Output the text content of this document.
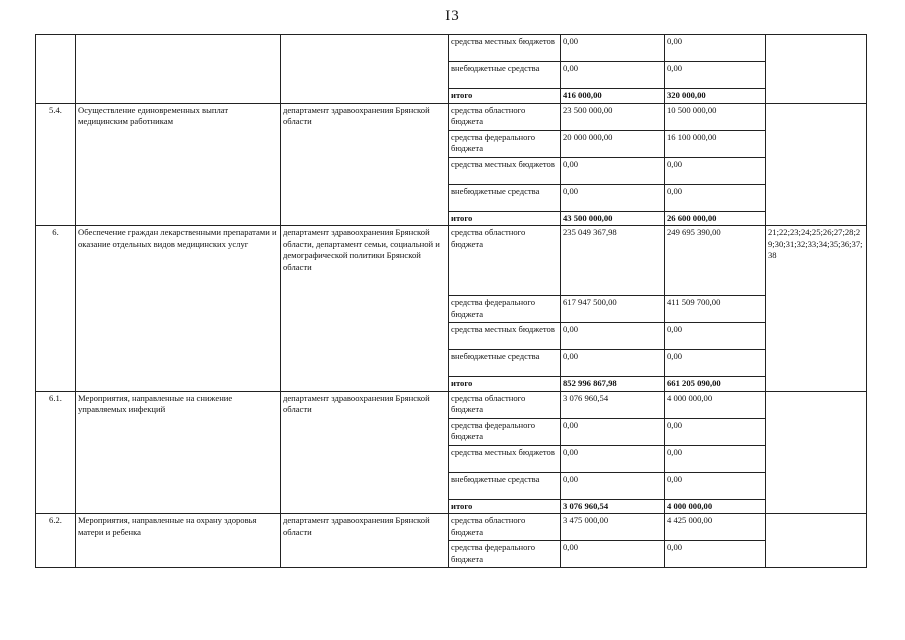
I3
			средства местных бюджетов	0,00	0,00	
			внебюджетные средства	0,00	0,00	
			итого	416 000,00	320 000,00	
5.4.	Осуществление единовременных выплат медицинским работникам	департамент здравоохранения Брянской области	средства областного бюджета	23 500 000,00	10 500 000,00	
			средства федерального бюджета	20 000 000,00	16 100 000,00	
			средства местных бюджетов	0,00	0,00	
			внебюджетные средства	0,00	0,00	
			итого	43 500 000,00	26 600 000,00	
6.	Обеспечение граждан лекарственными препаратами и оказание отдельных видов медицинских услуг	департамент здравоохранения Брянской области, департамент семьи, социальной и демографической политики Брянской области	средства областного бюджета	235 049 367,98	249 695 390,00	21;22;23;24;25;26;27;28;29;30;31;32;33;34;35;36;37;38
			средства федерального бюджета	617 947 500,00	411 509 700,00	
			средства местных бюджетов	0,00	0,00	
			внебюджетные средства	0,00	0,00	
			итого	852 996 867,98	661 205 090,00	
6.1.	Мероприятия, направленные на снижение управляемых инфекций	департамент здравоохранения Брянской области	средства областного бюджета	3 076 960,54	4 000 000,00	
			средства федерального бюджета	0,00	0,00	
			средства местных бюджетов	0,00	0,00	
			внебюджетные средства	0,00	0,00	
			итого	3 076 960,54	4 000 000,00	
6.2.	Мероприятия, направленные на охрану здоровья матери и ребенка	департамент здравоохранения Брянской области	средства областного бюджета	3 475 000,00	4 425 000,00	
			средства федерального бюджета	0,00	0,00	
